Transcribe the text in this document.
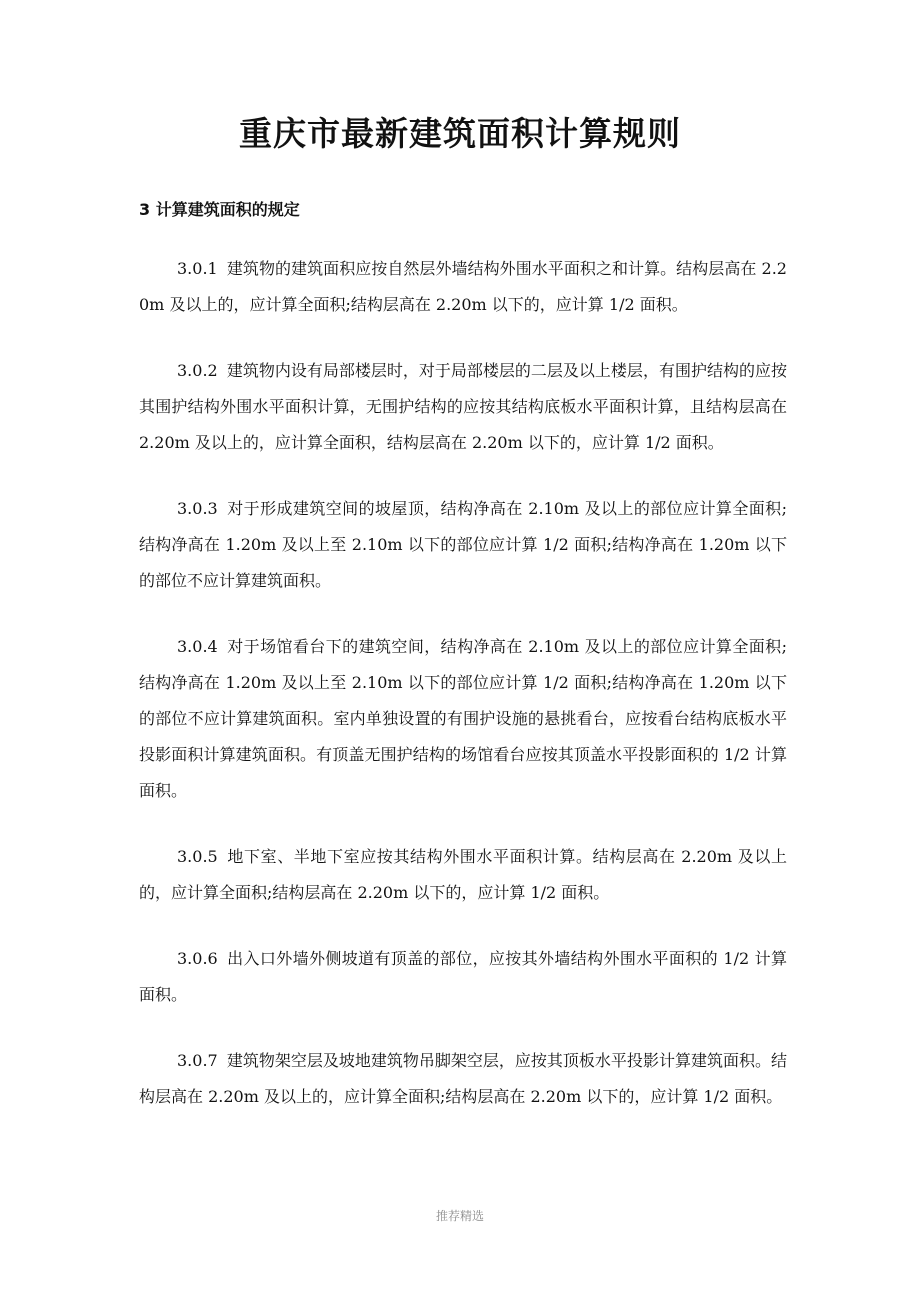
重庆市最新建筑面积计算规则
3 计算建筑面积的规定

3.0.1 建筑物的建筑面积应按自然层外墙结构外围水平面积之和计算。结构层高在 2.20m 及以上的，应计算全面积;结构层高在 2.20m 以下的，应计算 1/2 面积。

3.0.2 建筑物内设有局部楼层时，对于局部楼层的二层及以上楼层，有围护结构的应按其围护结构外围水平面积计算，无围护结构的应按其结构底板水平面积计算，且结构层高在 2.20m 及以上的，应计算全面积，结构层高在 2.20m 以下的，应计算 1/2 面积。

3.0.3 对于形成建筑空间的坡屋顶，结构净高在 2.10m 及以上的部位应计算全面积;结构净高在 1.20m 及以上至 2.10m 以下的部位应计算 1/2 面积;结构净高在 1.20m 以下的部位不应计算建筑面积。

3.0.4 对于场馆看台下的建筑空间，结构净高在 2.10m 及以上的部位应计算全面积;结构净高在 1.20m 及以上至 2.10m 以下的部位应计算 1/2 面积;结构净高在 1.20m 以下的部位不应计算建筑面积。室内单独设置的有围护设施的悬挑看台，应按看台结构底板水平投影面积计算建筑面积。有顶盖无围护结构的场馆看台应按其顶盖水平投影面积的 1/2 计算面积。

3.0.5 地下室、半地下室应按其结构外围水平面积计算。结构层高在 2.20m 及以上的，应计算全面积;结构层高在 2.20m 以下的，应计算 1/2 面积。

3.0.6 出入口外墙外侧坡道有顶盖的部位，应按其外墙结构外围水平面积的 1/2 计算面积。

3.0.7 建筑物架空层及坡地建筑物吊脚架空层，应按其顶板水平投影计算建筑面积。结构层高在 2.20m 及以上的，应计算全面积;结构层高在 2.20m 以下的，应计算 1/2 面积。

推荐精选
